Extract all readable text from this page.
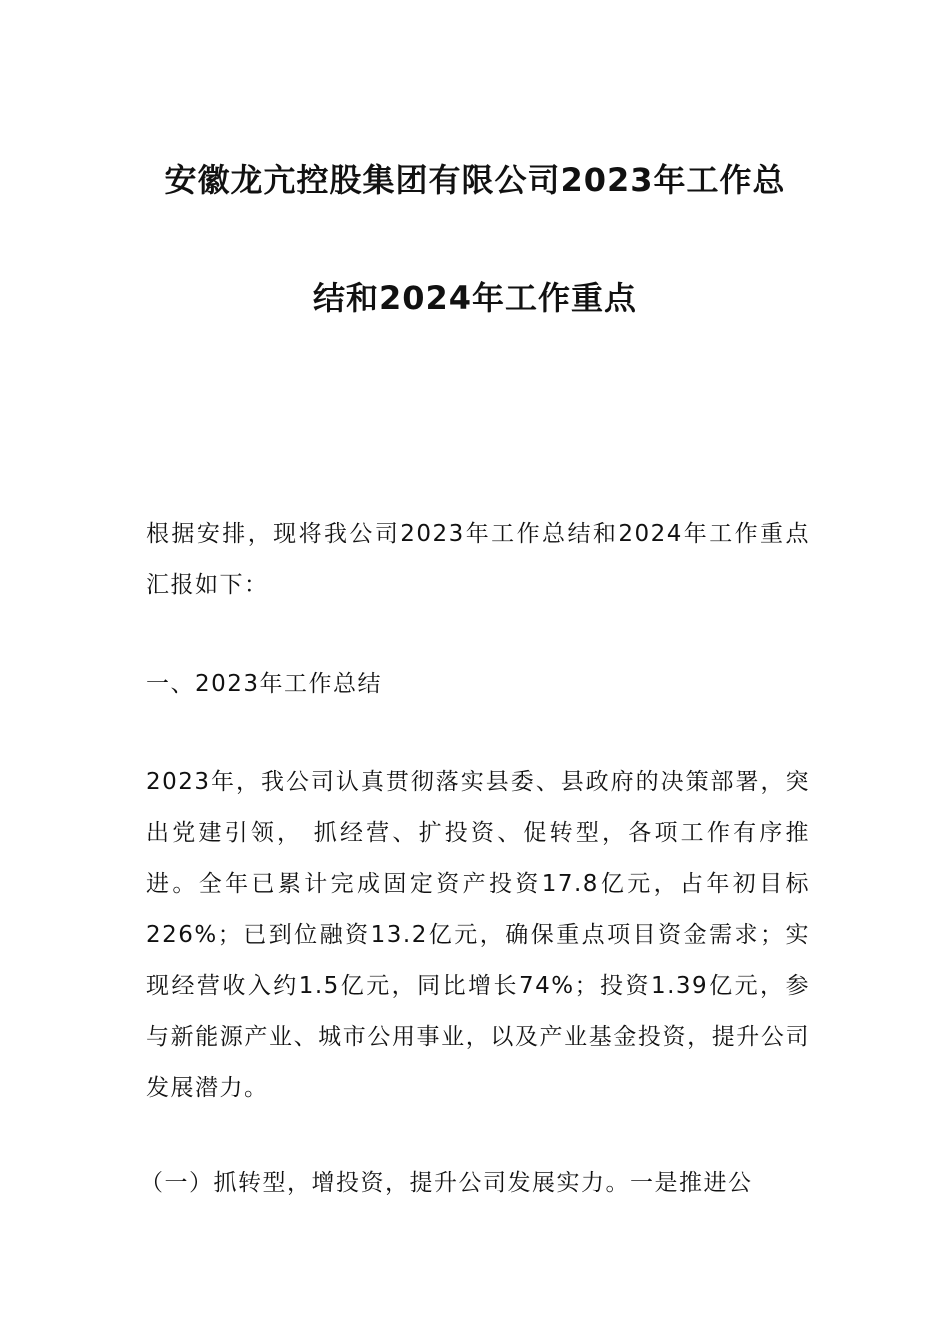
安徽龙亢控股集团有限公司2023年工作总
结和2024年工作重点
根据安排，现将我公司2023年工作总结和2024年工作重点汇报如下：
一、2023年工作总结
2023年，我公司认真贯彻落实县委、县政府的决策部署，突出党建引领， 抓经营、扩投资、促转型，各项工作有序推进。全年已累计完成固定资产投资17.8亿元，占年初目标226%；已到位融资13.2亿元，确保重点项目资金需求；实现经营收入约1.5亿元，同比增长74%；投资1.39亿元，参与新能源产业、城市公用事业，以及产业基金投资，提升公司发展潜力。
（一）抓转型，增投资，提升公司发展实力。一是推进公
